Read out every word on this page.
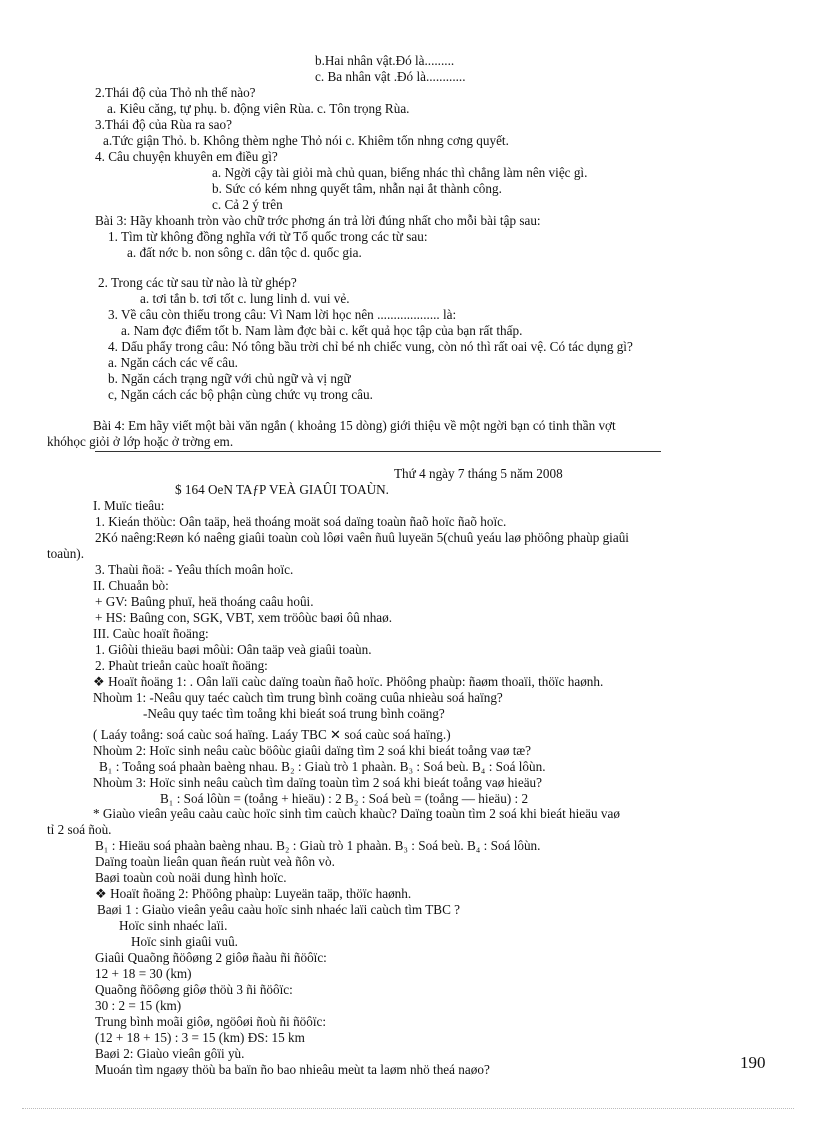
b.Hai nhân vật.Đó là.........
c. Ba nhân vật .Đó là............
2.Thái độ của Thỏ nh thế nào?
a. Kiêu căng, tự phụ. b. động viên Rùa. c. Tôn trọng Rùa.
3.Thái độ của Rùa ra sao?
a.Tức giận Thỏ. b. Không thèm nghe Thỏ nói c. Khiêm tốn nhng cơng quyết.
4. Câu chuyện khuyên em điều gì?
a. Ngời cậy tài giỏi mà chủ quan, biếng nhác thì chẳng làm nên việc gì.
b. Sức có kém nhng quyết tâm, nhẫn nại ắt thành công.
c. Cả 2 ý trên
Bài 3: Hãy khoanh tròn vào chữ trớc phơng án trả lời đúng nhất cho mỗi bài tập sau:
1. Tìm từ không đồng nghĩa với từ Tổ quốc trong các từ sau:
a. đất nớc b. non sông c. dân tộc d. quốc gia.
2. Trong các từ sau từ nào là từ ghép?
a. tơi tắn b. tơi tốt c. lung linh d. vui vẻ.
3. Về câu còn thiếu trong câu: Vì Nam lời học nên ................... là:
a. Nam đợc điểm tốt b. Nam làm đợc bài c. kết quả học tập của bạn rất thấp.
4. Dấu phẩy trong câu: Nó tông bầu trời chỉ bé nh chiếc vung, còn nó thì rất oai vệ. Có tác dụng gì?
a. Ngăn cách các vế câu.
b. Ngăn cách trạng ngữ với chủ ngữ và vị ngữ
c, Ngăn cách các bộ phận cùng chức vụ trong câu.
Bài 4: Em hãy viết một bài văn ngắn ( khoảng 15 dòng) giới thiệu về một ngời bạn có tinh thần vợt
khóhọc giỏi ở lớp hoặc ở trờng em.
Thứ 4 ngày 7 tháng 5 năm 2008
$ 164 OeN TAƒP VEÀ GIAÛI TOAÙN.
I. Muïc tieâu:
1. Kieán thöùc: Oân taäp, heä thoáng moät soá daïng toaùn ñaõ hoïc ñaõ hoïc.
2Kó naêng:Reøn kó naêng giaûi toaùn coù lôøi vaên ñuû luyeän 5(chuû yeáu laø phöông phaùp giaûi
toaùn).
3. Thaùi ñoä: - Yeâu thích moân hoïc.
II. Chuaån bò:
+ GV: Baûng phuï, heä thoáng caâu hoûi.
+ HS: Baûng con, SGK, VBT, xem tröôùc baøi ôû nhaø.
III. Caùc hoaït ñoäng:
1. Giôùi thieäu baøi môùi: Oân taäp veà giaûi toaùn.
2. Phaùt trieån caùc hoaït ñoäng:
❖ Hoaït ñoäng 1: . Oân laïi caùc daïng toaùn ñaõ hoïc. Phöông phaùp: ñaøm thoaïi, thöïc haønh.
Nhoùm 1: -Neâu quy taéc caùch tìm trung bình coäng cuûa nhieàu soá haïng?
-Neâu quy taéc tìm toång khi bieát soá trung bình coäng?
( Laáy toång: soá caùc soá haïng. Laáy TBC ✕ soá caùc soá haïng.)
Nhoùm 2: Hoïc sinh neâu caùc böôùc giaûi daïng tìm 2 soá khi bieát toång vaø tæ?
B₁ : Toång soá phaàn baèng nhau. B₂ : Giaù trò 1 phaàn. B₃ : Soá beù. B₄ : Soá lôùn.
Nhoùm 3: Hoïc sinh neâu caùch tìm daïng toaùn tìm 2 soá khi bieát toång vaø hieäu?
B₁ : Soá lôùn = (toång + hieäu) : 2 B₂ : Soá beù = (toång — hieäu) : 2
* Giaùo vieân yeâu caàu caùc hoïc sinh tìm caùch khaùc? Daïng toaùn tìm 2 soá khi bieát hieäu vaø
tỉ 2 soá ñoù.
B₁ : Hieäu soá phaàn baèng nhau. B₂ : Giaù trò 1 phaàn. B₃ : Soá beù. B₄ : Soá lôùn.
Daïng toaùn lieân quan ñeán ruùt veà ñôn vò.
Baøi toaùn coù noäi dung hình hoïc.
❖ Hoaït ñoäng 2: Phöông phaùp: Luyeän taäp, thöïc haønh.
Baøi 1 : Giaùo vieân yeâu caàu hoïc sinh nhaéc laïi caùch tìm TBC ?
Hoïc sinh nhaéc laïi.
Hoïc sinh giaûi vuû.
Giaûi Quaõng ñöôøng 2 giôø ñaàu ñi ñöôïc:
12 + 18 = 30 (km)
Quaõng ñöôøng giôø thöù 3 ñi ñöôïc:
30 : 2 = 15 (km)
Trung bình moãi giôø, ngöôøi ñoù ñi ñöôïc:
(12 + 18 + 15) : 3 = 15 (km) ĐS: 15 km
Baøi 2: Giaùo vieân gôïi yù.
Muoán tìm ngaøy thöù ba baïn ño bao nhieâu meùt ta laøm nhö theá naøo?	190
